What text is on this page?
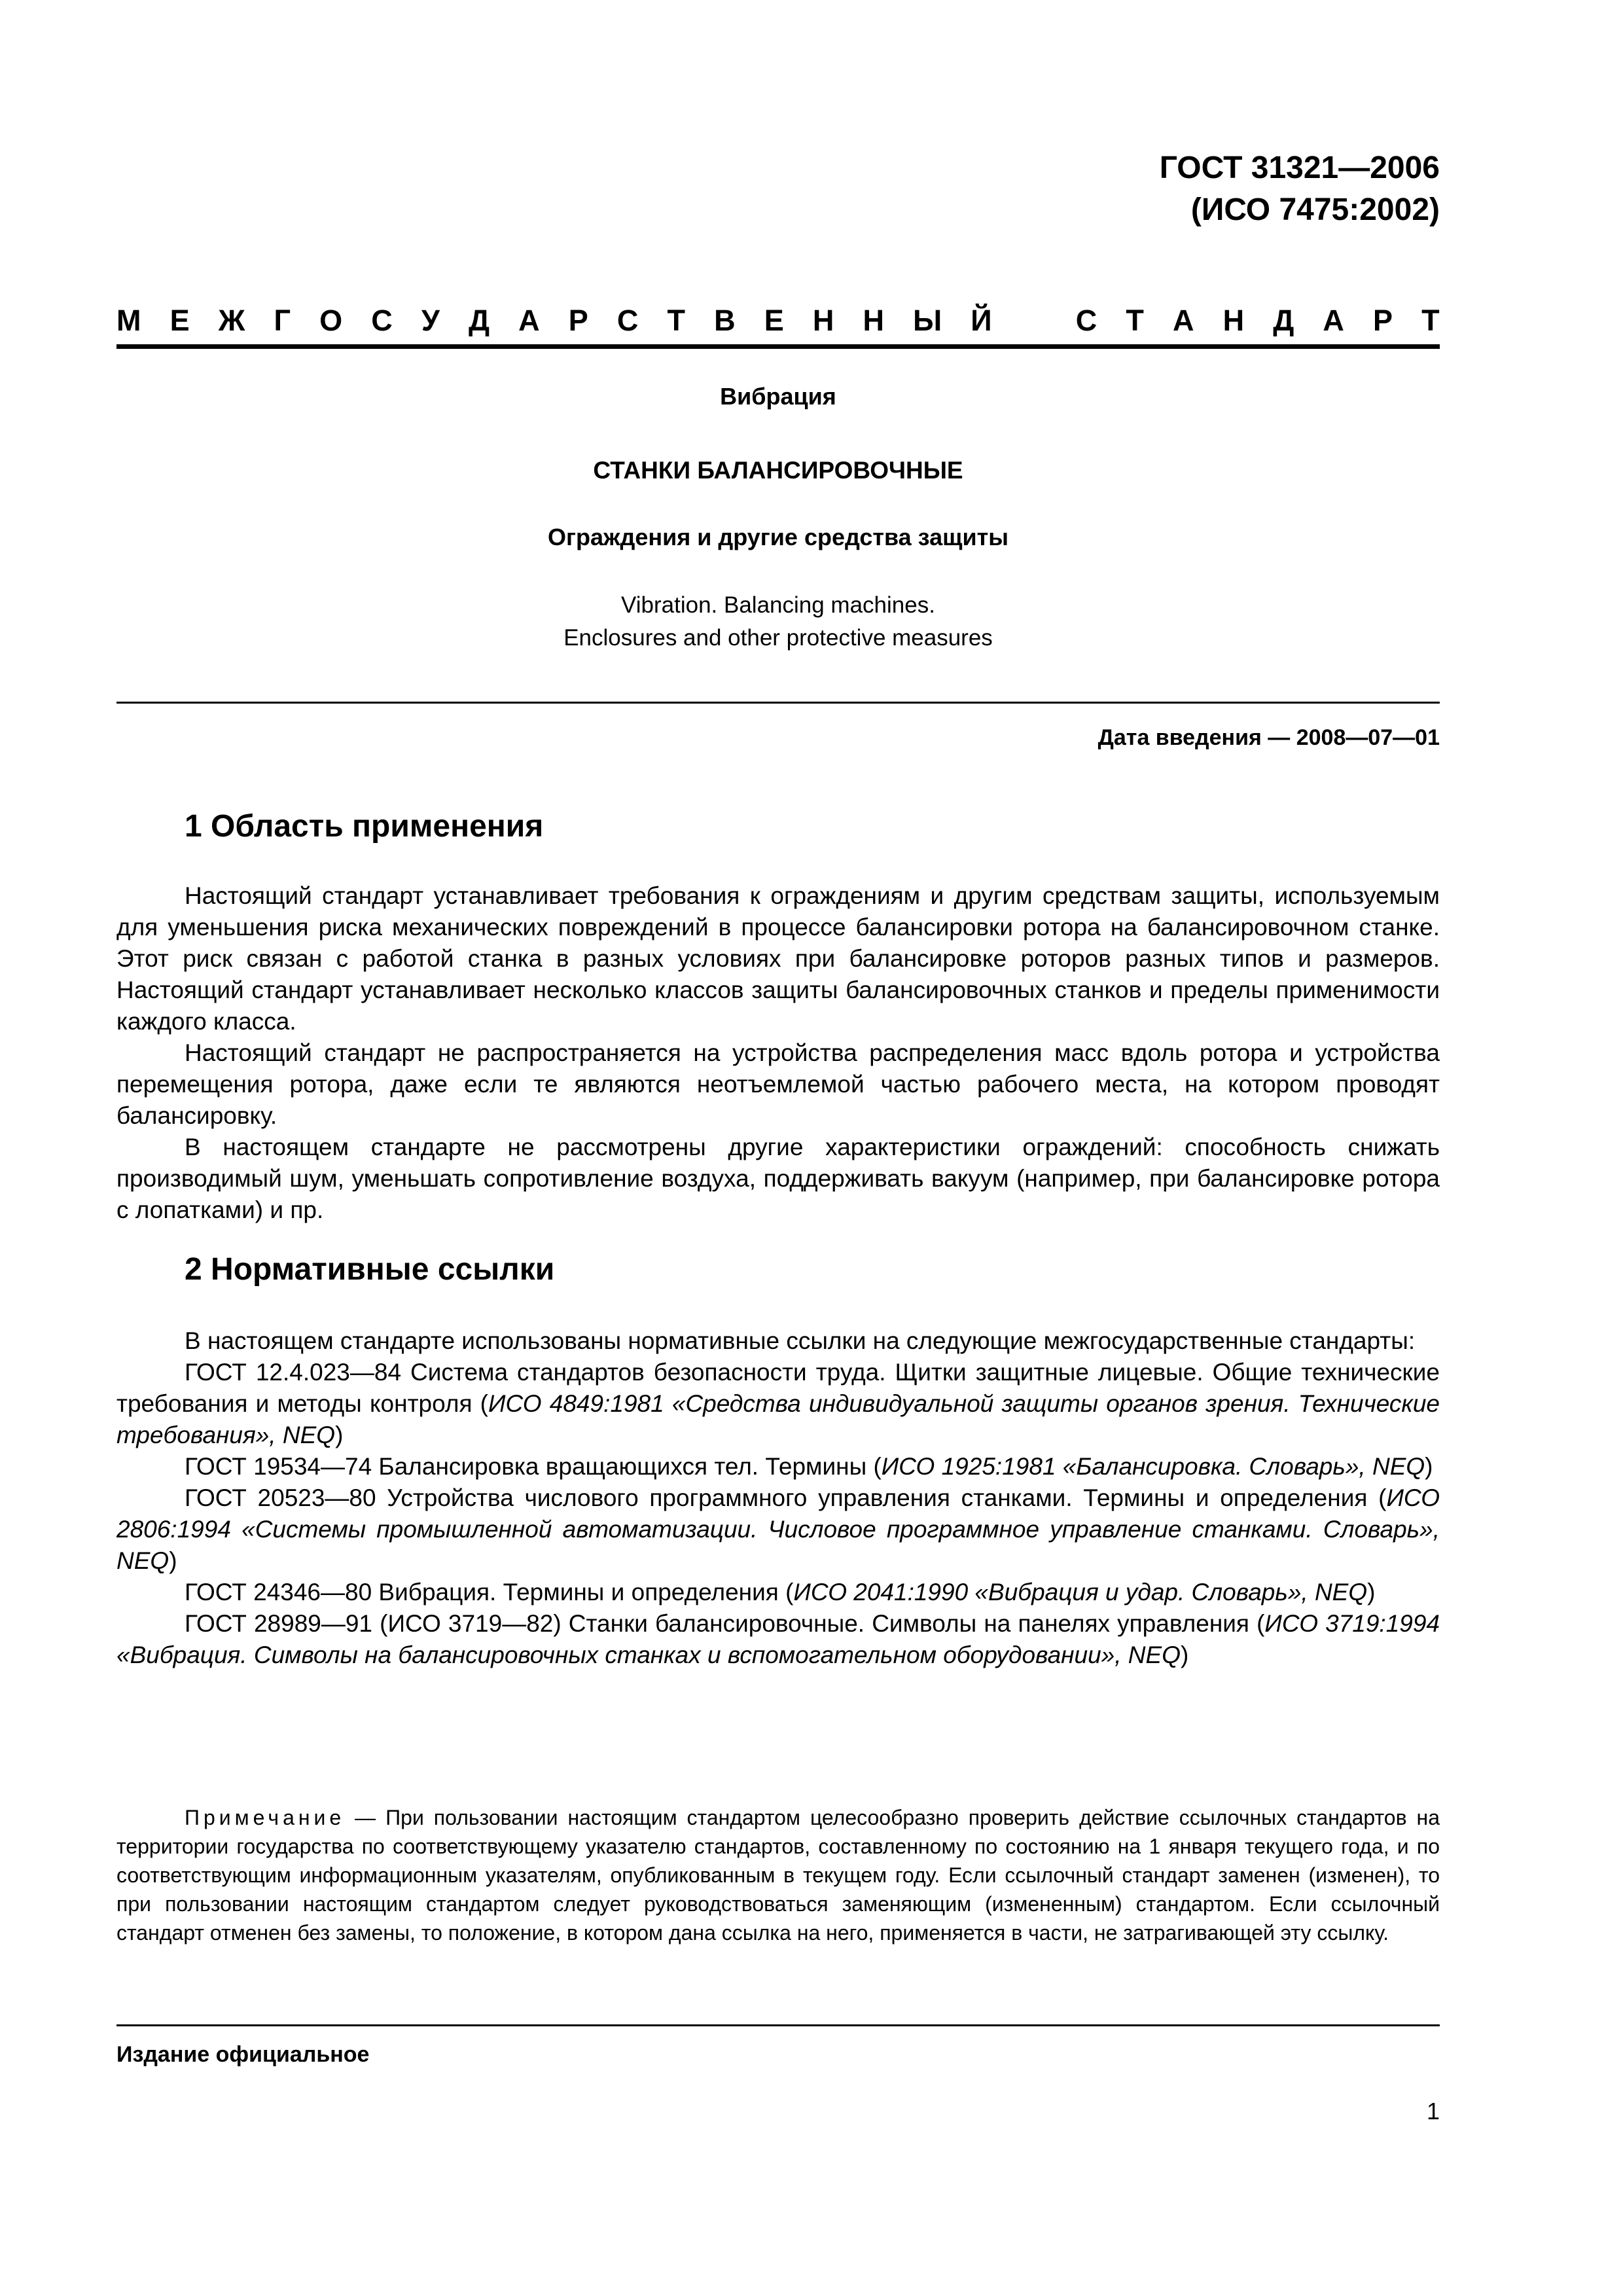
ГОСТ 31321—2006
(ИСО 7475:2002)
М Е Ж Г О С У Д А Р С Т В Е Н Н Ы Й	С Т А Н Д А Р Т
Вибрация
СТАНКИ БАЛАНСИРОВОЧНЫЕ
Ограждения и другие средства защиты
Vibration. Balancing machines.
Enclosures and other protective measures
Дата введения — 2008—07—01
1 Область применения

Настоящий стандарт устанавливает требования к ограждениям и другим средствам защиты, используемым для уменьшения риска механических повреждений в процессе балансировки ротора на балансировочном станке. Этот риск связан с работой станка в разных условиях при балансировке роторов разных типов и размеров. Настоящий стандарт устанавливает несколько классов защиты балансировочных станков и пределы применимости каждого класса.

Настоящий стандарт не распространяется на устройства распределения масс вдоль ротора и устройства перемещения ротора, даже если те являются неотъемлемой частью рабочего места, на котором проводят балансировку.

В настоящем стандарте не рассмотрены другие характеристики ограждений: способность снижать производимый шум, уменьшать сопротивление воздуха, поддерживать вакуум (например, при балансировке ротора с лопатками) и пр.

2 Нормативные ссылки

В настоящем стандарте использованы нормативные ссылки на следующие межгосударственные стандарты:

ГОСТ 12.4.023—84 Система стандартов безопасности труда. Щитки защитные лицевые. Общие технические требования и методы контроля (ИСО 4849:1981 «Средства индивидуальной защиты органов зрения. Технические требования», NEQ)

ГОСТ 19534—74 Балансировка вращающихся тел. Термины (ИСО 1925:1981 «Балансировка. Словарь», NEQ)

ГОСТ 20523—80 Устройства числового программного управления станками. Термины и определения (ИСО 2806:1994 «Системы промышленной автоматизации. Числовое программное управление станками. Словарь», NEQ)

ГОСТ 24346—80 Вибрация. Термины и определения (ИСО 2041:1990 «Вибрация и удар. Словарь», NEQ)

ГОСТ 28989—91 (ИСО 3719—82) Станки балансировочные. Символы на панелях управления (ИСО 3719:1994 «Вибрация. Символы на балансировочных станках и вспомогательном оборудовании», NEQ)

Примечание — При пользовании настоящим стандартом целесообразно проверить действие ссылочных стандартов на территории государства по соответствующему указателю стандартов, составленному по состоянию на 1 января текущего года, и по соответствующим информационным указателям, опубликованным в текущем году. Если ссылочный стандарт заменен (изменен), то при пользовании настоящим стандартом следует руководствоваться заменяющим (измененным) стандартом. Если ссылочный стандарт отменен без замены, то положение, в котором дана ссылка на него, применяется в части, не затрагивающей эту ссылку.
Издание официальное
1
